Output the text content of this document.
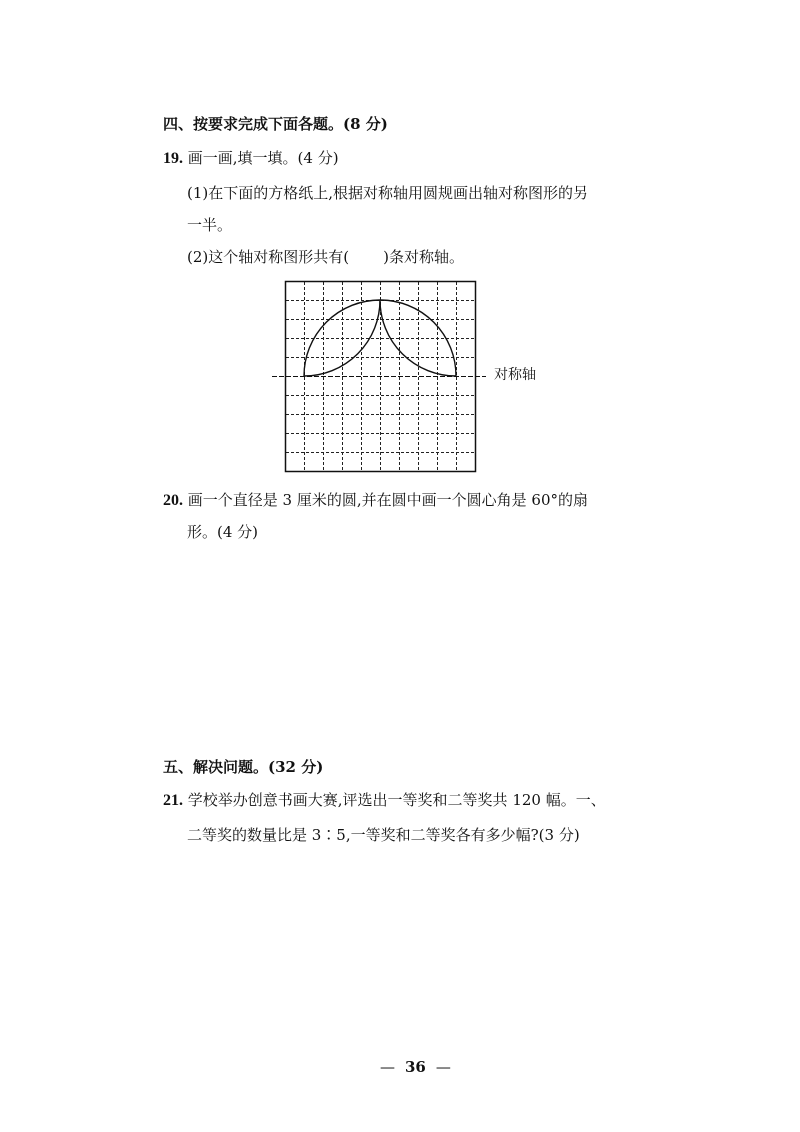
四、按要求完成下面各题。(8 分)
19. 画一画,填一填。(4 分)
(1)在下面的方格纸上,根据对称轴用圆规画出轴对称图形的另
一半。
(2)这个轴对称图形共有( )条对称轴。
对称轴
20. 画一个直径是 3 厘米的圆,并在圆中画一个圆心角是 60°的扇
形。(4 分)
五、解决问题。(32 分)
21. 学校举办创意书画大赛,评选出一等奖和二等奖共 120 幅。一、
二等奖的数量比是 3∶5,一等奖和二等奖各有多少幅?(3 分)
— 36 —
